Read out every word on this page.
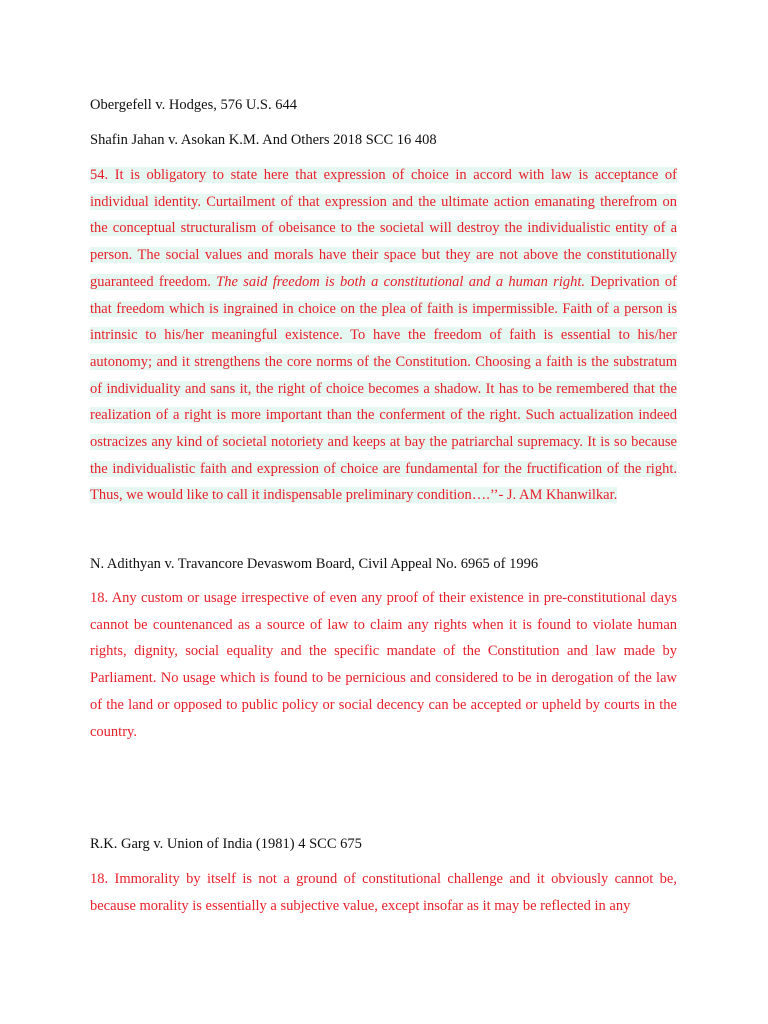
Obergefell v. Hodges, 576 U.S. 644
Shafin Jahan v. Asokan K.M. And Others 2018 SCC 16 408

54. It is obligatory to state here that expression of choice in accord with law is acceptance of individual identity. Curtailment of that expression and the ultimate action emanating therefrom on the conceptual structuralism of obeisance to the societal will destroy the individualistic entity of a person. The social values and morals have their space but they are not above the constitutionally guaranteed freedom. The said freedom is both a constitutional and a human right. Deprivation of that freedom which is ingrained in choice on the plea of faith is impermissible. Faith of a person is intrinsic to his/her meaningful existence. To have the freedom of faith is essential to his/her autonomy; and it strengthens the core norms of the Constitution. Choosing a faith is the substratum of individuality and sans it, the right of choice becomes a shadow. It has to be remembered that the realization of a right is more important than the conferment of the right. Such actualization indeed ostracizes any kind of societal notoriety and keeps at bay the patriarchal supremacy. It is so because the individualistic faith and expression of choice are fundamental for the fructification of the right. Thus, we would like to call it indispensable preliminary condition….’’- J. AM Khanwilkar.

N. Adithyan v. Travancore Devaswom Board, Civil Appeal No. 6965 of 1996

18. Any custom or usage irrespective of even any proof of their existence in pre-constitutional days cannot be countenanced as a source of law to claim any rights when it is found to violate human rights, dignity, social equality and the specific mandate of the Constitution and law made by Parliament. No usage which is found to be pernicious and considered to be in derogation of the law of the land or opposed to public policy or social decency can be accepted or upheld by courts in the country.

R.K. Garg v. Union of India (1981) 4 SCC 675

18. Immorality by itself is not a ground of constitutional challenge and it obviously cannot be, because morality is essentially a subjective value, except insofar as it may be reflected in any
